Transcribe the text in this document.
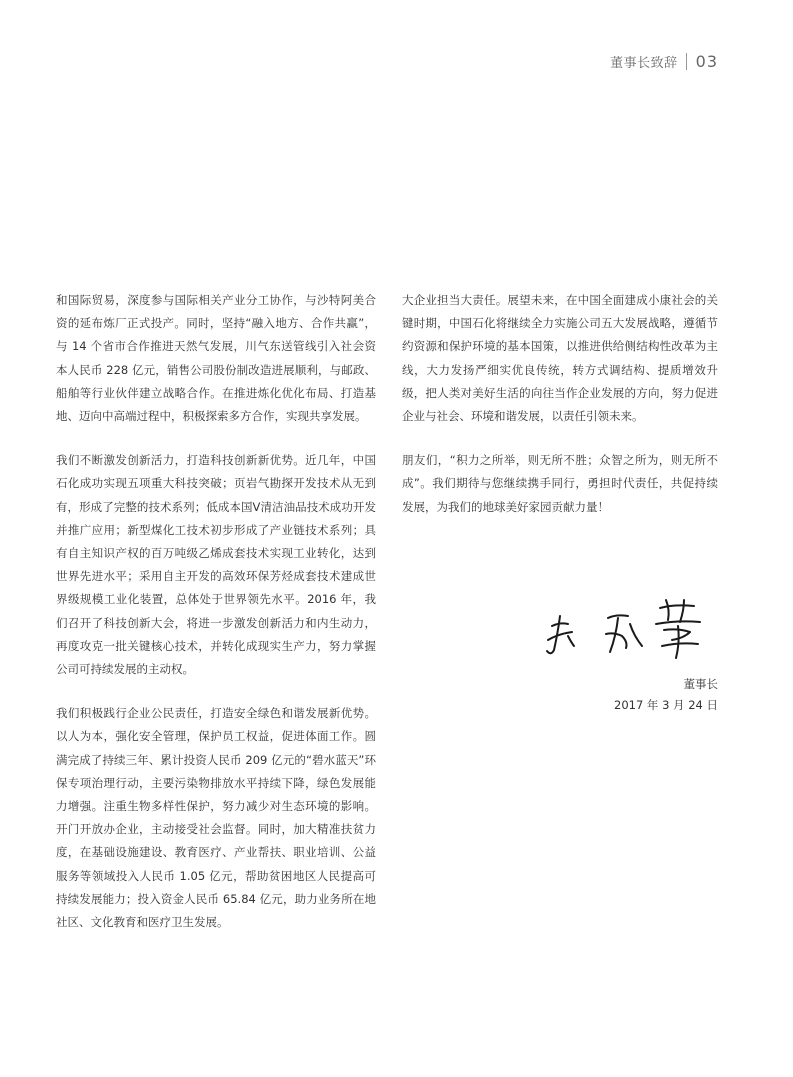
董事长致辞 03

和国际贸易，深度参与国际相关产业分工协作，与沙特阿美合资的延布炼厂正式投产。同时，坚持“融入地方、合作共赢”，与 14 个省市合作推进天然气发展，川气东送管线引入社会资本人民币 228 亿元，销售公司股份制改造进展顺利，与邮政、船舶等行业伙伴建立战略合作。在推进炼化优化布局、打造基地、迈向中高端过程中，积极探索多方合作，实现共享发展。

我们不断激发创新活力，打造科技创新新优势。近几年，中国石化成功实现五项重大科技突破；页岩气勘探开发技术从无到有，形成了完整的技术系列；低成本国Ⅴ清洁油品技术成功开发并推广应用；新型煤化工技术初步形成了产业链技术系列；具有自主知识产权的百万吨级乙烯成套技术实现工业转化，达到世界先进水平；采用自主开发的高效环保芳烃成套技术建成世界级规模工业化装置，总体处于世界领先水平。2016 年，我们召开了科技创新大会，将进一步激发创新活力和内生动力，再度攻克一批关键核心技术，并转化成现实生产力，努力掌握公司可持续发展的主动权。

我们积极践行企业公民责任，打造安全绿色和谐发展新优势。以人为本，强化安全管理，保护员工权益，促进体面工作。圆满完成了持续三年、累计投资人民币 209 亿元的“碧水蓝天”环保专项治理行动，主要污染物排放水平持续下降，绿色发展能力增强。注重生物多样性保护，努力减少对生态环境的影响。开门开放办企业，主动接受社会监督。同时，加大精准扶贫力度，在基础设施建设、教育医疗、产业帮扶、职业培训、公益服务等领域投入人民币 1.05 亿元，帮助贫困地区人民提高可持续发展能力；投入资金人民币 65.84 亿元，助力业务所在地社区、文化教育和医疗卫生发展。

大企业担当大责任。展望未来，在中国全面建成小康社会的关键时期，中国石化将继续全力实施公司五大发展战略，遵循节约资源和保护环境的基本国策，以推进供给侧结构性改革为主线，大力发扬严细实优良传统，转方式调结构、提质增效升级，把人类对美好生活的向往当作企业发展的方向，努力促进企业与社会、环境和谐发展，以责任引领未来。

朋友们，“积力之所举，则无所不胜；众智之所为，则无所不成”。我们期待与您继续携手同行，勇担时代责任，共促持续发展，为我们的地球美好家园贡献力量！

董事长
2017 年 3 月 24 日
